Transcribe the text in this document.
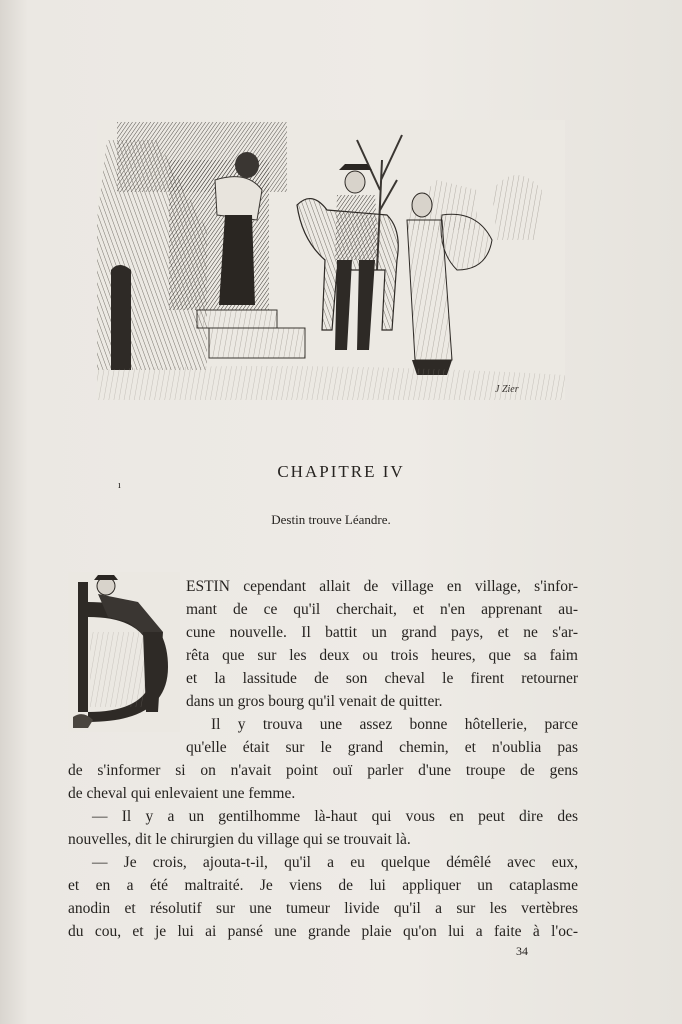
J Zier
CHAPITRE IV
ı
Destin trouve Léandre.
ESTIN cependant allait de village en village, s'infor-
mant de ce qu'il cherchait, et n'en apprenant au-
cune nouvelle. Il battit un grand pays, et ne s'ar-
rêta que sur les deux ou trois heures, que sa faim
et la lassitude de son cheval le firent retourner
dans un gros bourg qu'il venait de quitter.
Il y trouva une assez bonne hôtellerie, parce
qu'elle était sur le grand chemin, et n'oublia pas
de s'informer si on n'avait point ouï parler d'une troupe de gens
de cheval qui enlevaient une femme.
— Il y a un gentilhomme là-haut qui vous en peut dire des
nouvelles, dit le chirurgien du village qui se trouvait là.
— Je crois, ajouta-t-il, qu'il a eu quelque démêlé avec eux,
et en a été maltraité. Je viens de lui appliquer un cataplasme
anodin et résolutif sur une tumeur livide qu'il a sur les vertèbres
du cou, et je lui ai pansé une grande plaie qu'on lui a faite à l'oc-
34
